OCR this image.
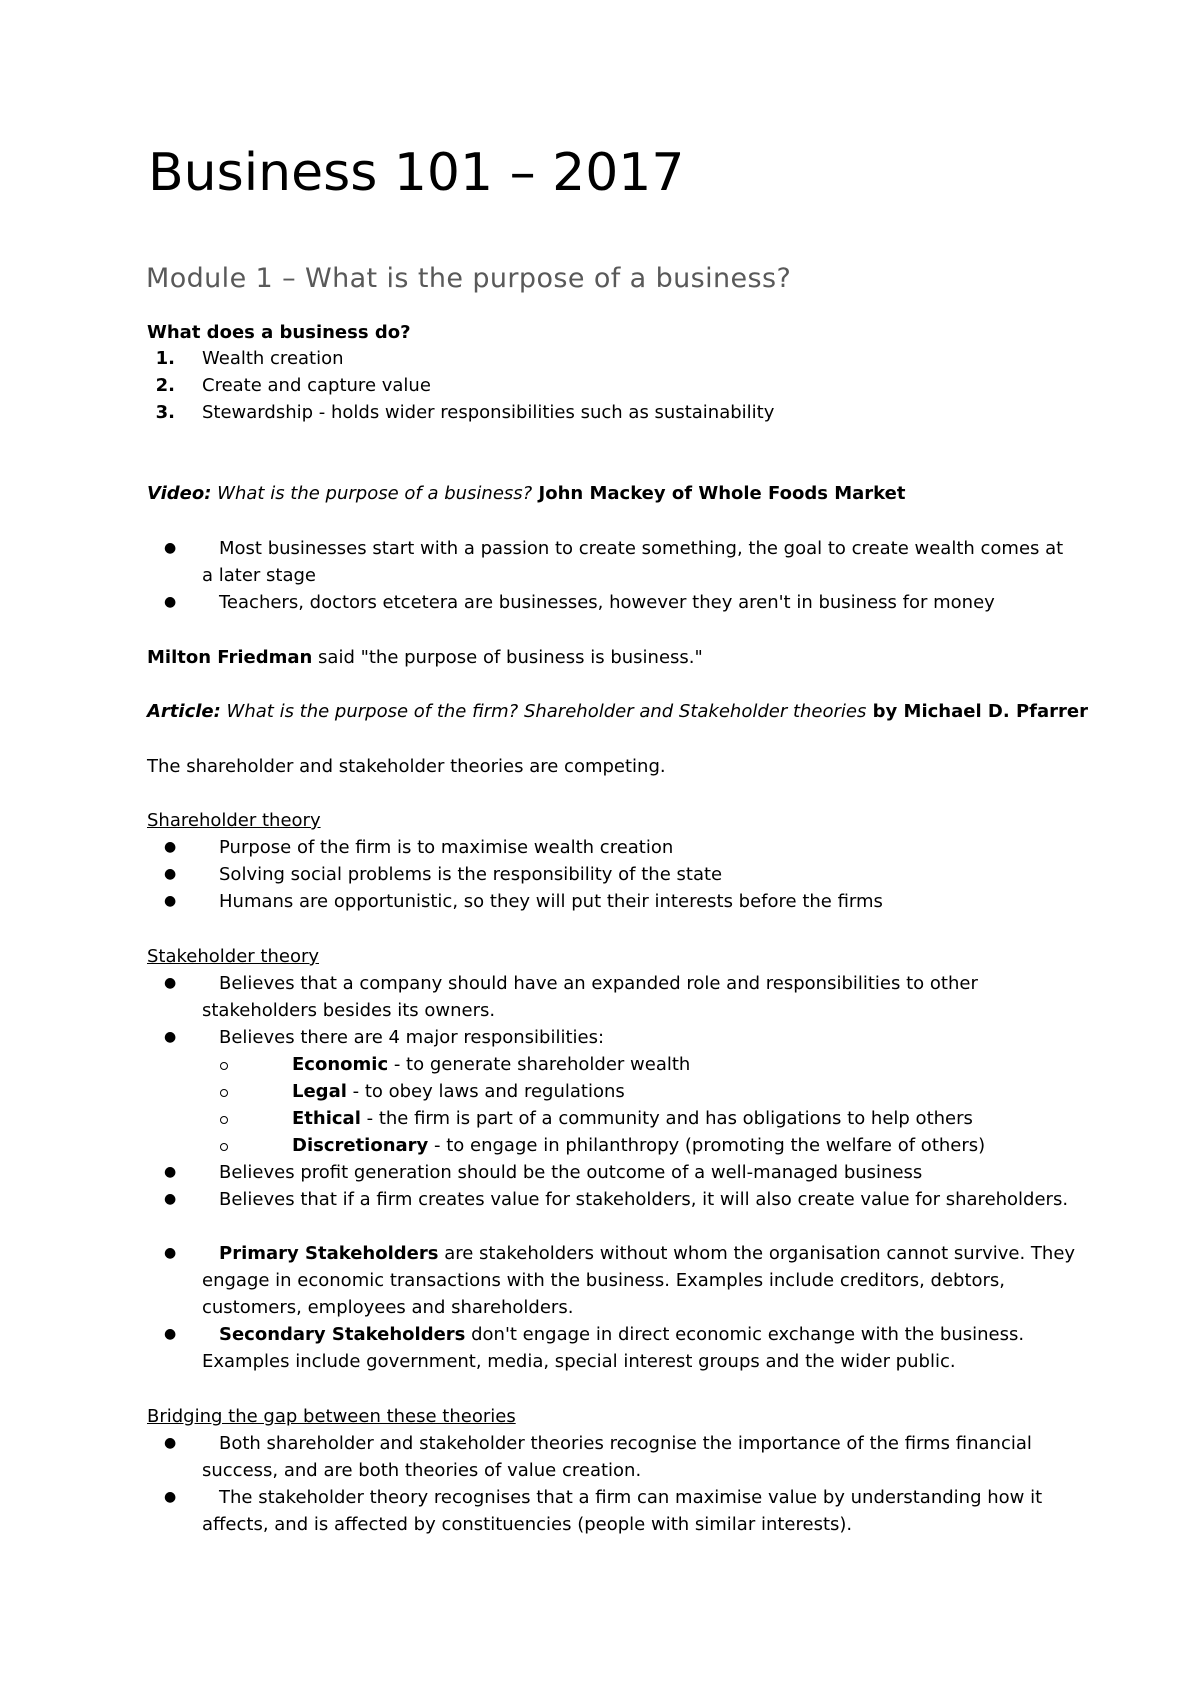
Business 101 – 2017
Module 1 – What is the purpose of a business?
What does a business do?
1. Wealth creation
2. Create and capture value
3. Stewardship - holds wider responsibilities such as sustainability
Video: What is the purpose of a business? John Mackey of Whole Foods Market
● Most businesses start with a passion to create something, the goal to create wealth comes at
a later stage
● Teachers, doctors etcetera are businesses, however they aren't in business for money
Milton Friedman said "the purpose of business is business."
Article: What is the purpose of the firm? Shareholder and Stakeholder theories by Michael D. Pfarrer
The shareholder and stakeholder theories are competing.
Shareholder theory
● Purpose of the firm is to maximise wealth creation
● Solving social problems is the responsibility of the state
● Humans are opportunistic, so they will put their interests before the firms
Stakeholder theory
● Believes that a company should have an expanded role and responsibilities to other
stakeholders besides its owners.
● Believes there are 4 major responsibilities:
Economic - to generate shareholder wealth
Legal - to obey laws and regulations
Ethical - the firm is part of a community and has obligations to help others
Discretionary - to engage in philanthropy (promoting the welfare of others)
● Believes profit generation should be the outcome of a well-managed business
● Believes that if a firm creates value for stakeholders, it will also create value for shareholders.
● Primary Stakeholders are stakeholders without whom the organisation cannot survive. They
engage in economic transactions with the business. Examples include creditors, debtors,
customers, employees and shareholders.
● Secondary Stakeholders don't engage in direct economic exchange with the business.
Examples include government, media, special interest groups and the wider public.
Bridging the gap between these theories
● Both shareholder and stakeholder theories recognise the importance of the firms financial
success, and are both theories of value creation.
● The stakeholder theory recognises that a firm can maximise value by understanding how it
affects, and is affected by constituencies (people with similar interests).
